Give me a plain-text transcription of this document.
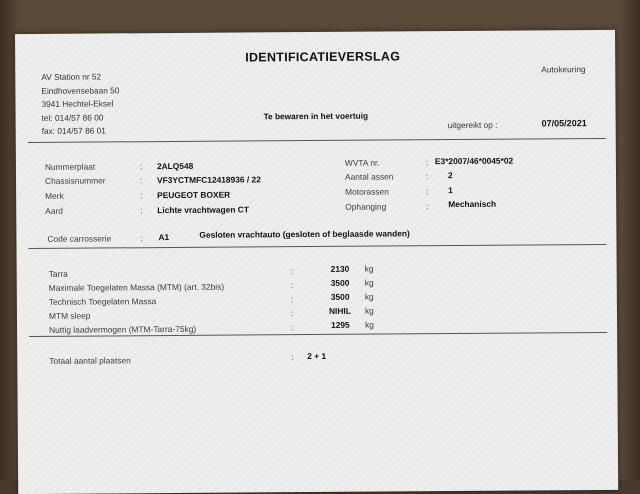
IDENTIFICATIEVERSLAG
AV Station nr 52
Eindhovensebaan 50
3941 Hechtel-Eksel
tel: 014/57 86 00
fax: 014/57 86 01
Autokeuring
Te bewaren in het voertuig
uitgereikt op :	07/05/2021
Nummerplaat	: 2ALQ548
Chassisnummer	: VF3YCTMFC12418936 / 22
Merk	: PEUGEOT BOXER
Aard	: Lichte vrachtwagen CT
WVTA nr.	: E3*2007/46*0045*02
Aantal assen	: 2
Motorassen	: 1
Ophanging	: Mechanisch
Code carrosserie	: A1	Gesloten vrachtauto (gesloten of beglaasde wanden)
Tarra	:	2130 kg
Maximale Toegelaten Massa (MTM) (art. 32bis)	:	3500 kg
Technisch Toegelaten Massa	:	3500 kg
MTM sleep	:	NIHIL kg
Nuttig laadvermogen (MTM-Tarra-75kg)	:	1295 kg
Totaal aantal plaatsen	: 2 + 1
